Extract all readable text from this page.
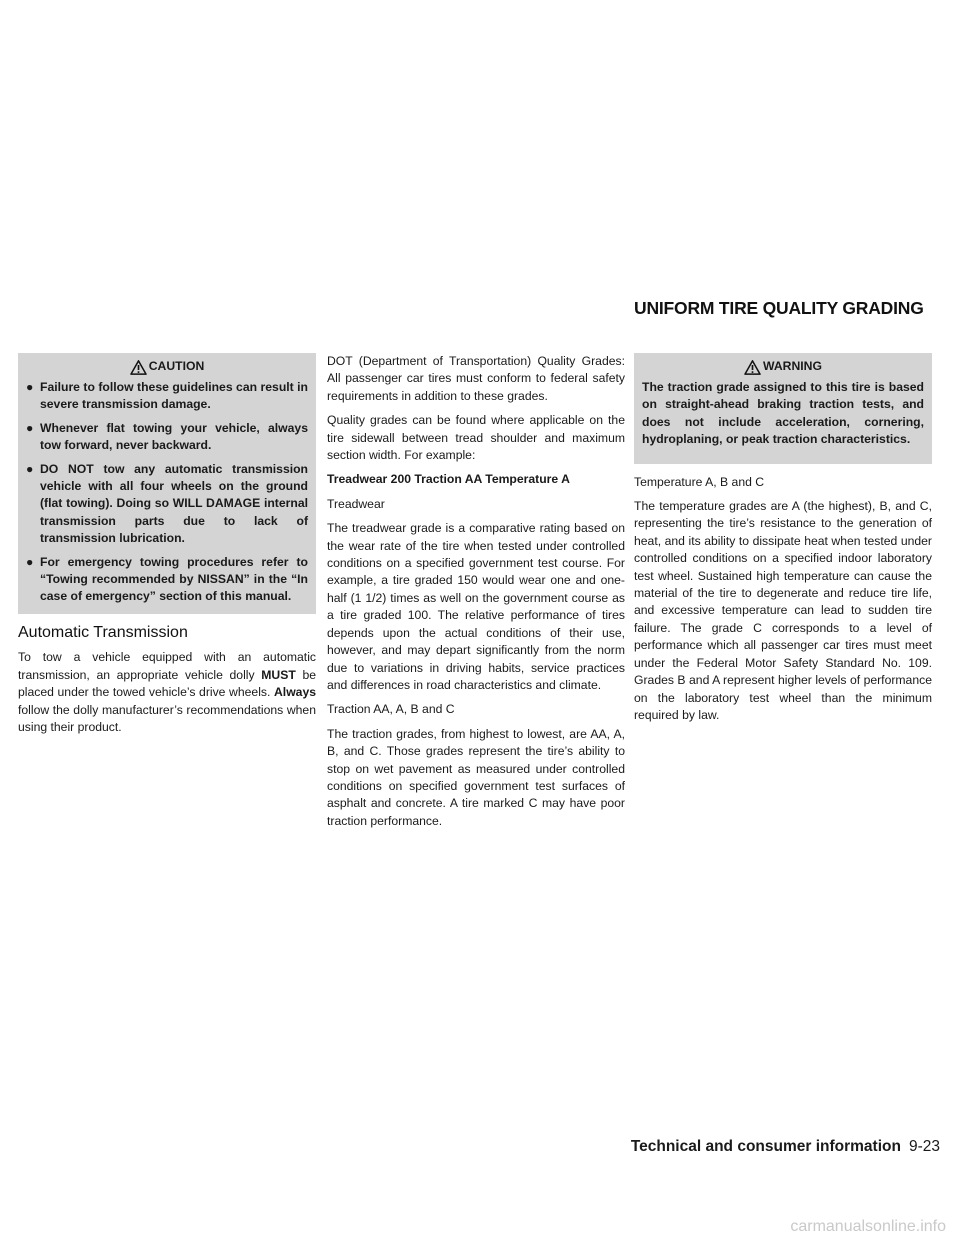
UNIFORM TIRE QUALITY GRADING
CAUTION
● Failure to follow these guidelines can result in severe transmission damage.
● Whenever flat towing your vehicle, always tow forward, never backward.
● DO NOT tow any automatic transmission vehicle with all four wheels on the ground (flat towing). Doing so WILL DAMAGE internal transmission parts due to lack of transmission lubrication.
● For emergency towing procedures refer to “Towing recommended by NISSAN” in the “In case of emergency” section of this manual.
Automatic Transmission

To tow a vehicle equipped with an automatic transmission, an appropriate vehicle dolly MUST be placed under the towed vehicle’s drive wheels. Always follow the dolly manufacturer’s recommendations when using their product.

DOT (Department of Transportation) Quality Grades: All passenger car tires must conform to federal safety requirements in addition to these grades.

Quality grades can be found where applicable on the tire sidewall between tread shoulder and maximum section width. For example:

Treadwear 200 Traction AA Temperature A

Treadwear

The treadwear grade is a comparative rating based on the wear rate of the tire when tested under controlled conditions on a specified government test course. For example, a tire graded 150 would wear one and one-half (1 1/2) times as well on the government course as a tire graded 100. The relative performance of tires depends upon the actual conditions of their use, however, and may depart significantly from the norm due to variations in driving habits, service practices and differences in road characteristics and climate.

Traction AA, A, B and C

The traction grades, from highest to lowest, are AA, A, B, and C. Those grades represent the tire’s ability to stop on wet pavement as measured under controlled conditions on specified government test surfaces of asphalt and concrete. A tire marked C may have poor traction performance.

WARNING

The traction grade assigned to this tire is based on straight-ahead braking traction tests, and does not include acceleration, cornering, hydroplaning, or peak traction characteristics.

Temperature A, B and C

The temperature grades are A (the highest), B, and C, representing the tire’s resistance to the generation of heat, and its ability to dissipate heat when tested under controlled conditions on a specified indoor laboratory test wheel. Sustained high temperature can cause the material of the tire to degenerate and reduce tire life, and excessive temperature can lead to sudden tire failure. The grade C corresponds to a level of performance which all passenger car tires must meet under the Federal Motor Safety Standard No. 109. Grades B and A represent higher levels of performance on the laboratory test wheel than the minimum required by law.

Technical and consumer information 9-23
carmanualsonline.info
